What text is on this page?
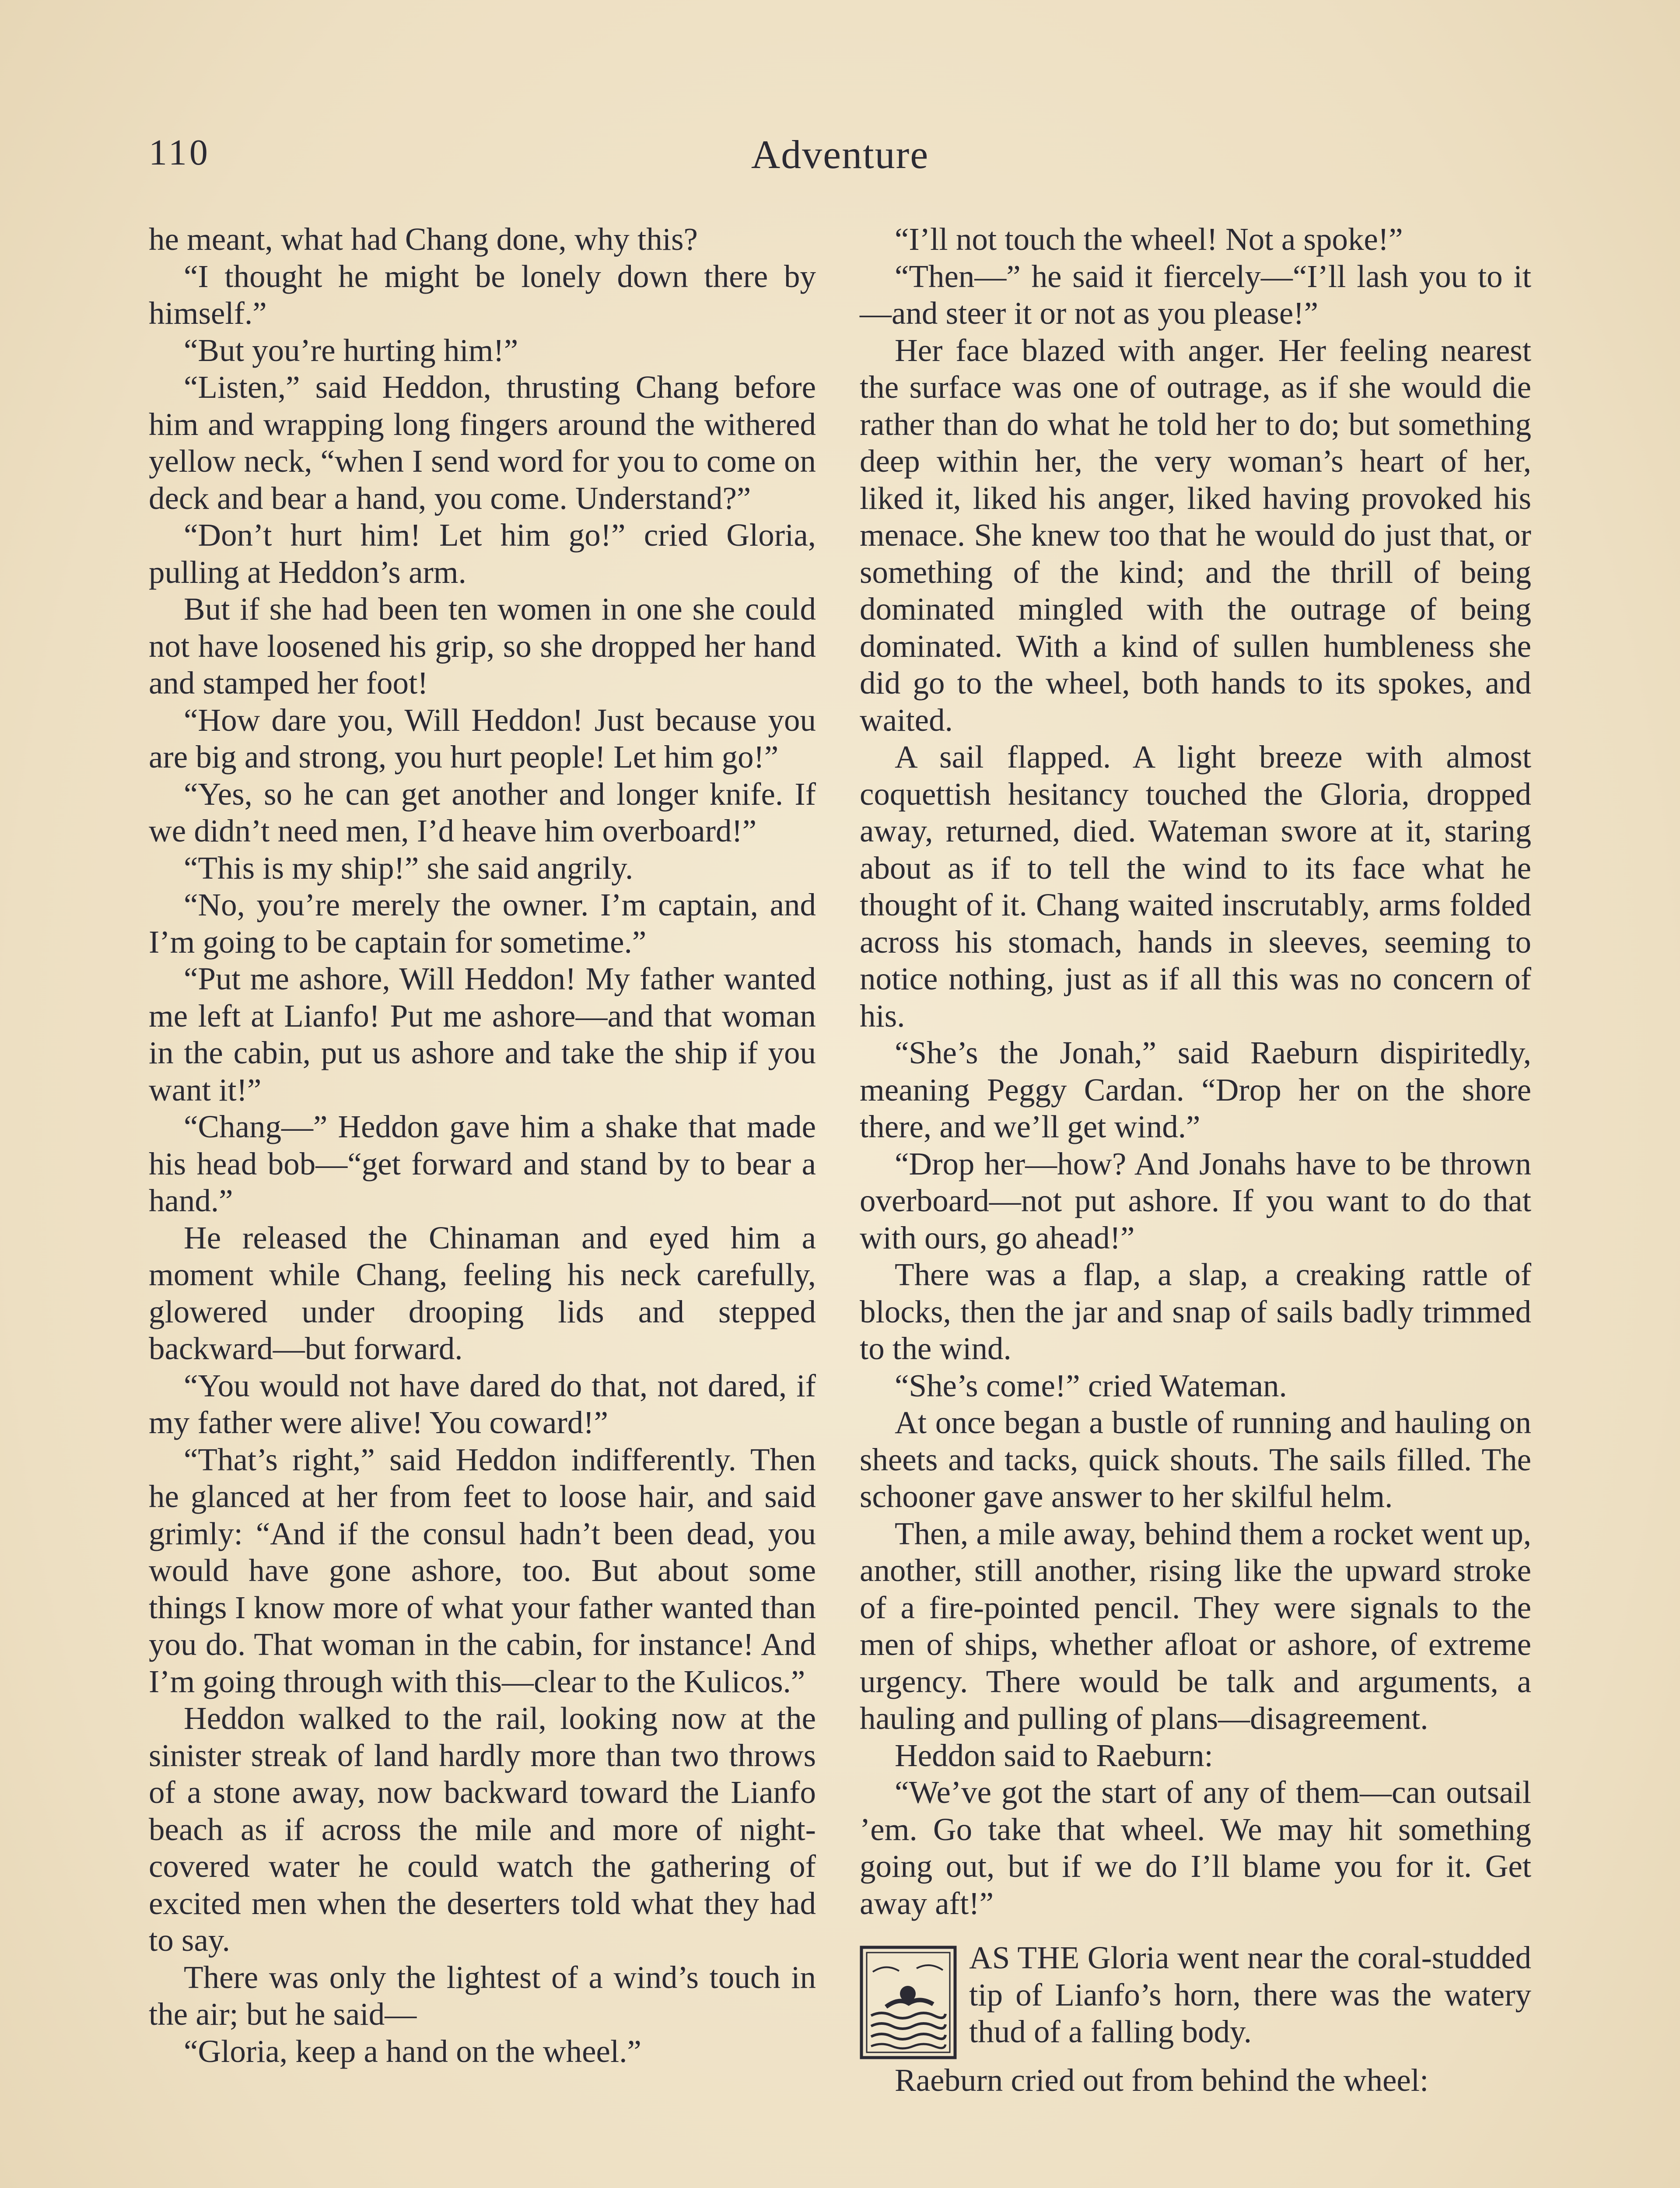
110	Adventure

he meant, what had Chang done, why this?

“I thought he might be lonely down there by himself.”

“But you’re hurting him!”

“Listen,” said Heddon, thrusting Chang before him and wrapping long fingers around the withered yellow neck, “when I send word for you to come on deck and bear a hand, you come. Understand?”

“Don’t hurt him! Let him go!” cried Gloria, pulling at Heddon’s arm.

But if she had been ten women in one she could not have loosened his grip, so she dropped her hand and stamped her foot!

“How dare you, Will Heddon! Just because you are big and strong, you hurt people! Let him go!”

“Yes, so he can get another and longer knife. If we didn’t need men, I’d heave him overboard!”

“This is my ship!” she said angrily.

“No, you’re merely the owner. I’m captain, and I’m going to be captain for sometime.”

“Put me ashore, Will Heddon! My father wanted me left at Lianfo! Put me ashore—and that woman in the cabin, put us ashore and take the ship if you want it!”

“Chang—” Heddon gave him a shake that made his head bob—“get forward and stand by to bear a hand.”

He released the Chinaman and eyed him a moment while Chang, feeling his neck carefully, glowered under drooping lids and stepped backward—but forward.

“You would not have dared do that, not dared, if my father were alive! You coward!”

“That’s right,” said Heddon indifferently. Then he glanced at her from feet to loose hair, and said grimly: “And if the consul hadn’t been dead, you would have gone ashore, too. But about some things I know more of what your father wanted than you do. That woman in the cabin, for instance! And I’m going through with this—clear to the Kulicos.”

Heddon walked to the rail, looking now at the sinister streak of land hardly more than two throws of a stone away, now backward toward the Lianfo beach as if across the mile and more of night-covered water he could watch the gathering of excited men when the deserters told what they had to say.

There was only the lightest of a wind’s touch in the air; but he said—

“Gloria, keep a hand on the wheel.”

“I’ll not touch the wheel! Not a spoke!”

“Then—” he said it fiercely—“I’ll lash you to it—and steer it or not as you please!”

Her face blazed with anger. Her feeling nearest the surface was one of outrage, as if she would die rather than do what he told her to do; but something deep within her, the very woman’s heart of her, liked it, liked his anger, liked having provoked his menace. She knew too that he would do just that, or something of the kind; and the thrill of being dominated mingled with the outrage of being dominated. With a kind of sullen humbleness she did go to the wheel, both hands to its spokes, and waited.

A sail flapped. A light breeze with almost coquettish hesitancy touched the Gloria, dropped away, returned, died. Wateman swore at it, staring about as if to tell the wind to its face what he thought of it. Chang waited inscrutably, arms folded across his stomach, hands in sleeves, seeming to notice nothing, just as if all this was no concern of his.

“She’s the Jonah,” said Raeburn dispiritedly, meaning Peggy Cardan. “Drop her on the shore there, and we’ll get wind.”

“Drop her—how? And Jonahs have to be thrown overboard—not put ashore. If you want to do that with ours, go ahead!”

There was a flap, a slap, a creaking rattle of blocks, then the jar and snap of sails badly trimmed to the wind.

“She’s come!” cried Wateman.

At once began a bustle of running and hauling on sheets and tacks, quick shouts. The sails filled. The schooner gave answer to her skilful helm.

Then, a mile away, behind them a rocket went up, another, still another, rising like the upward stroke of a fire-pointed pencil. They were signals to the men of ships, whether afloat or ashore, of extreme urgency. There would be talk and arguments, a hauling and pulling of plans—disagreement.

Heddon said to Raeburn:

“We’ve got the start of any of them—can outsail ’em. Go take that wheel. We may hit something going out, but if we do I’ll blame you for it. Get away aft!”

AS THE Gloria went near the coral-studded tip of Lianfo’s horn, there was the watery thud of a falling body.

Raeburn cried out from behind the wheel:
